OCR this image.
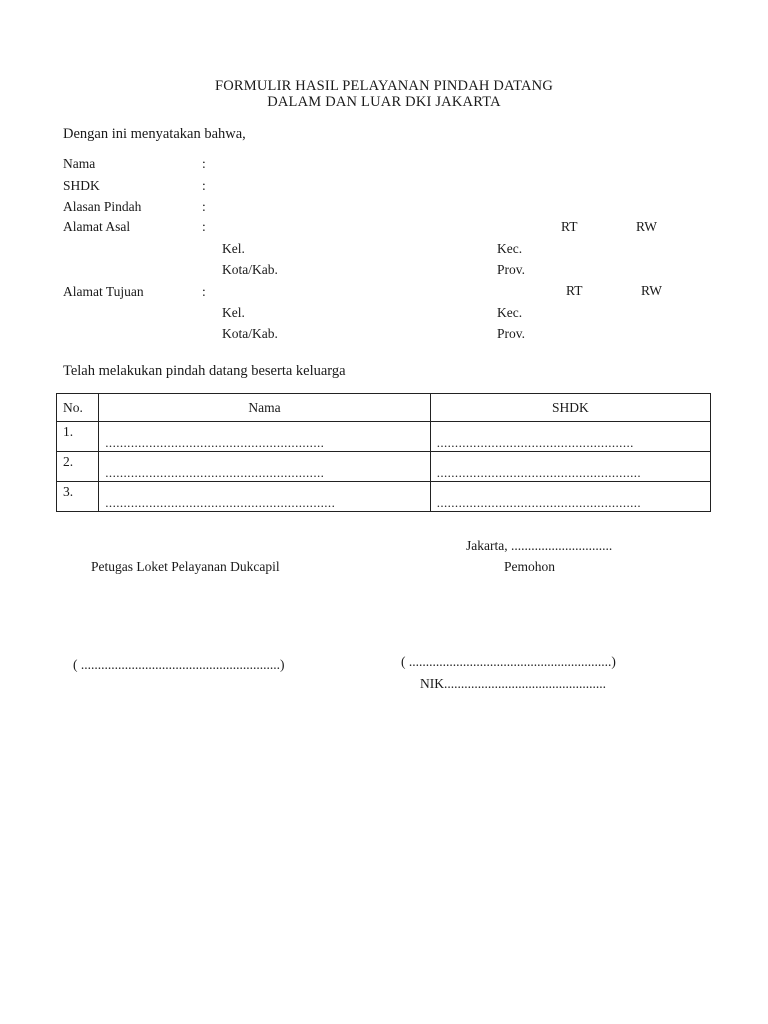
FORMULIR HASIL PELAYANAN PINDAH DATANG
DALAM DAN LUAR DKI JAKARTA
Dengan ini menyatakan bahwa,
Nama	:
SHDK	:
Alasan Pindah	:
Alamat Asal	:	RT	RW
Kel.	Kec.
Kota/Kab.	Prov.
Alamat Tujuan	:	RT	RW
Kel.	Kec.
Kota/Kab.	Prov.
Telah melakukan pindah datang beserta keluarga
No.	Nama	SHDK

1.	............................................................	......................................................

2.	............................................................	........................................................

3.	...............................................................	........................................................
Jakarta, ..............................
Petugas Loket Pelayanan Dukcapil	Pemohon
( ...........................................................)	( ............................................................)
NIK................................................
